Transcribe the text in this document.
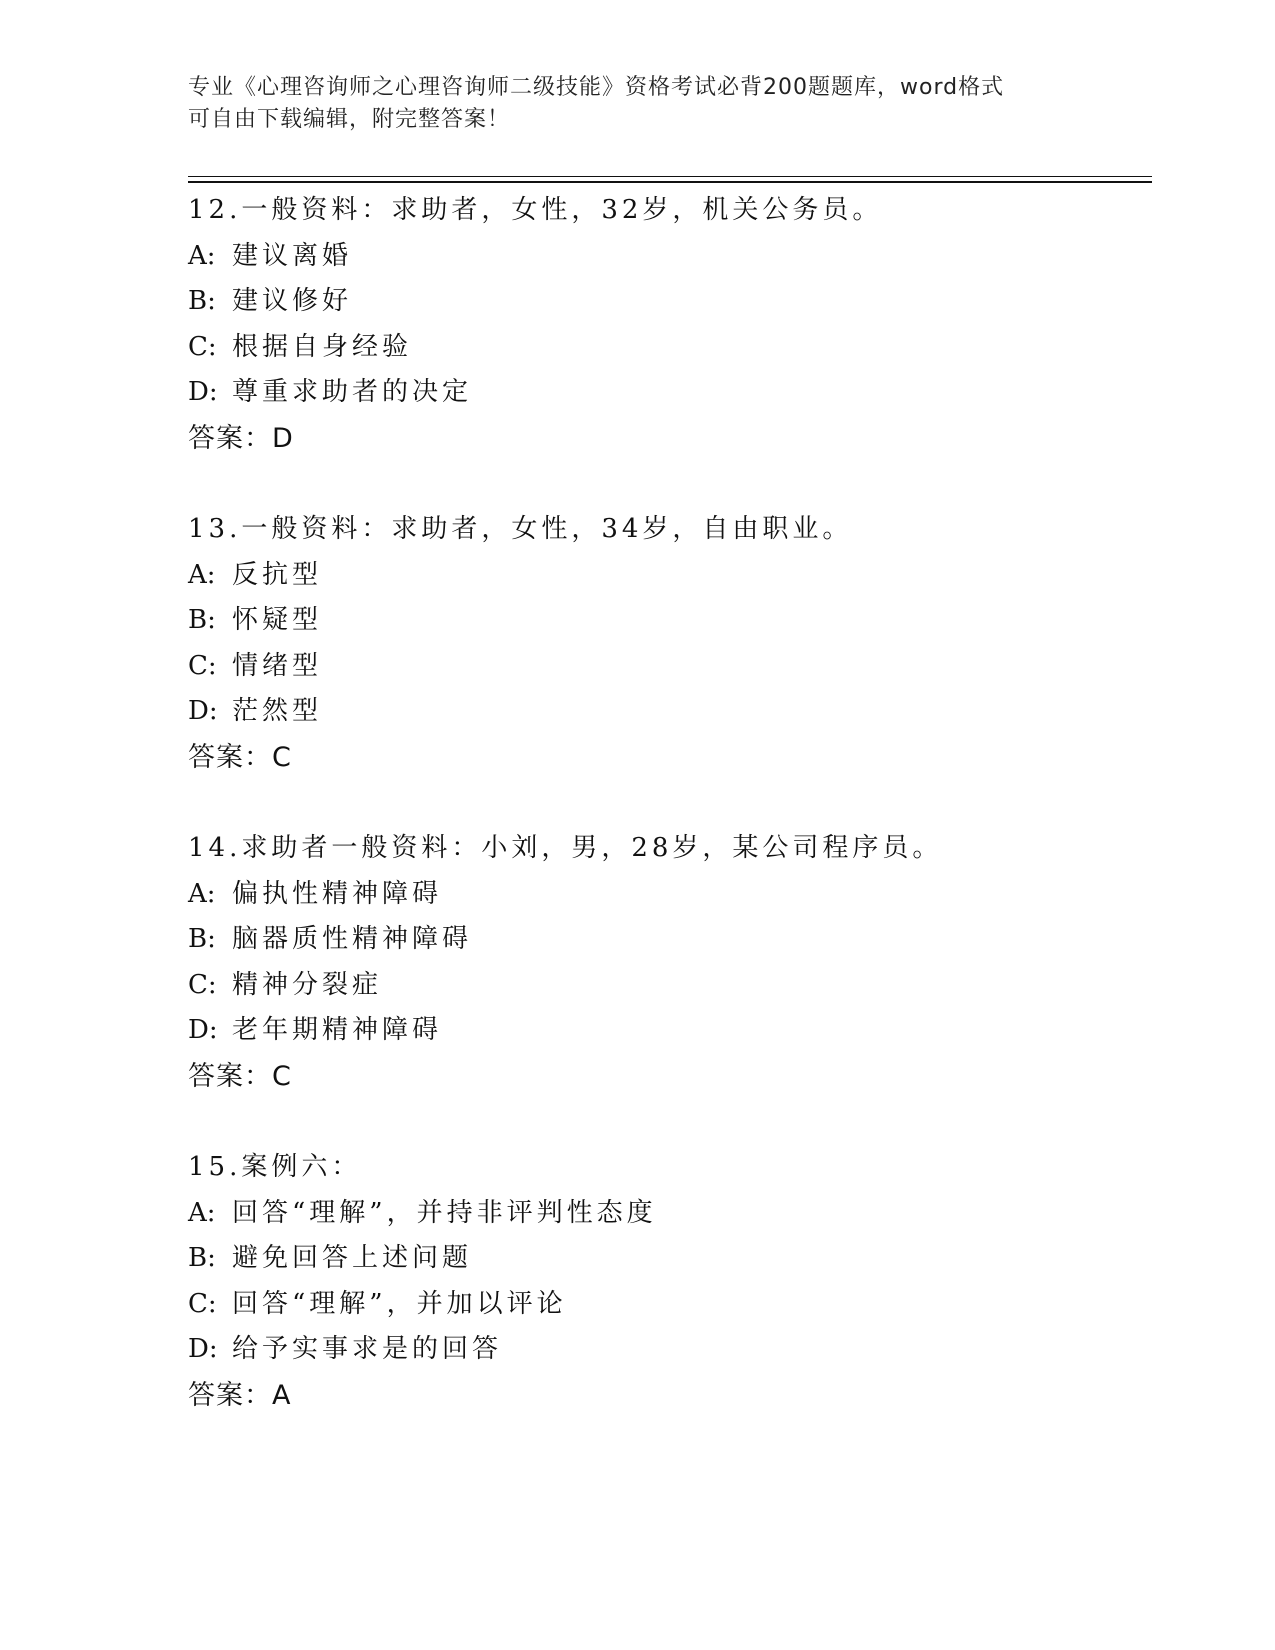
专业《心理咨询师之心理咨询师二级技能》资格考试必背200题题库，word格式
可自由下载编辑，附完整答案！
12.一般资料：求助者，女性，32岁，机关公务员。
A: 建议离婚
B: 建议修好
C: 根据自身经验
D: 尊重求助者的决定
答案：D
13.一般资料：求助者，女性，34岁，自由职业。
A: 反抗型
B: 怀疑型
C: 情绪型
D: 茫然型
答案：C
14.求助者一般资料：小刘，男，28岁，某公司程序员。
A: 偏执性精神障碍
B: 脑器质性精神障碍
C: 精神分裂症
D: 老年期精神障碍
答案：C
15.案例六：
A: 回答“理解”，并持非评判性态度
B: 避免回答上述问题
C: 回答“理解”，并加以评论
D: 给予实事求是的回答
答案：A
